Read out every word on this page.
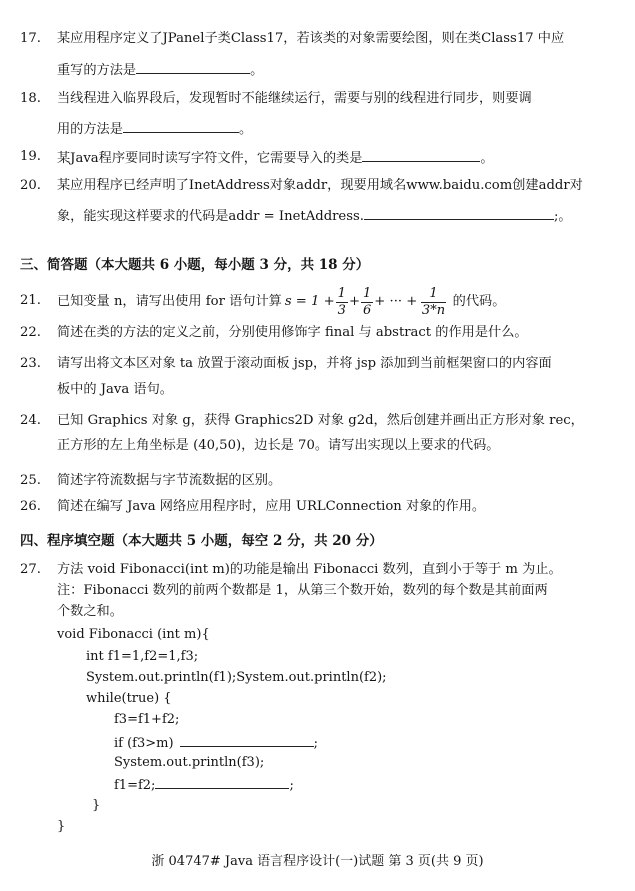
17. 某应用程序定义了JPanel子类Class17，若该类的对象需要绘图，则在类Class17 中应
重写的方法是	。
18. 当线程进入临界段后，发现暂时不能继续运行，需要与别的线程进行同步，则要调
用的方法是	。
19. 某Java程序要同时读写字符文件，它需要导入的类是	。
20. 某应用程序已经声明了InetAddress对象addr，现要用域名www.baidu.com创建addr对
象，能实现这样要求的代码是addr = InetAddress.	;。
三、简答题（本大题共 6 小题，每小题 3 分，共 18 分）
21. 已知变量 n，请写出使用 for 语句计算 $s = 1 + \frac{1}{3} + \frac{1}{6}$ + ··· + $\frac{1}{3*n}$ 的代码。
22. 简述在类的方法的定义之前，分别使用修饰字 final 与 abstract 的作用是什么。
23. 请写出将文本区对象 ta 放置于滚动面板 jsp，并将 jsp 添加到当前框架窗口的内容面
板中的 Java 语句。
24. 已知 Graphics 对象 g，获得 Graphics2D 对象 g2d，然后创建并画出正方形对象 rec，
正方形的左上角坐标是 (40,50)，边长是 70。请写出实现以上要求的代码。
25. 简述字符流数据与字节流数据的区别。
26. 简述在编写 Java 网络应用程序时，应用 URLConnection 对象的作用。
四、程序填空题（本大题共 5 小题，每空 2 分，共 20 分）
27. 方法 void Fibonacci(int m)的功能是输出 Fibonacci 数列，直到小于等于 m 为止。
注：Fibonacci 数列的前两个数都是 1，从第三个数开始，数列的每个数是其前面两
个数之和。
void Fibonacci (int m){
int f1=1,f2=1,f3;
System.out.println(f1);System.out.println(f2);
while(true) {
f3=f1+f2;
if (f3>m)	;
System.out.println(f3);
f1=f2;	;
}
}
浙 04747# Java 语言程序设计(一)试题 第 3 页(共 9 页)
